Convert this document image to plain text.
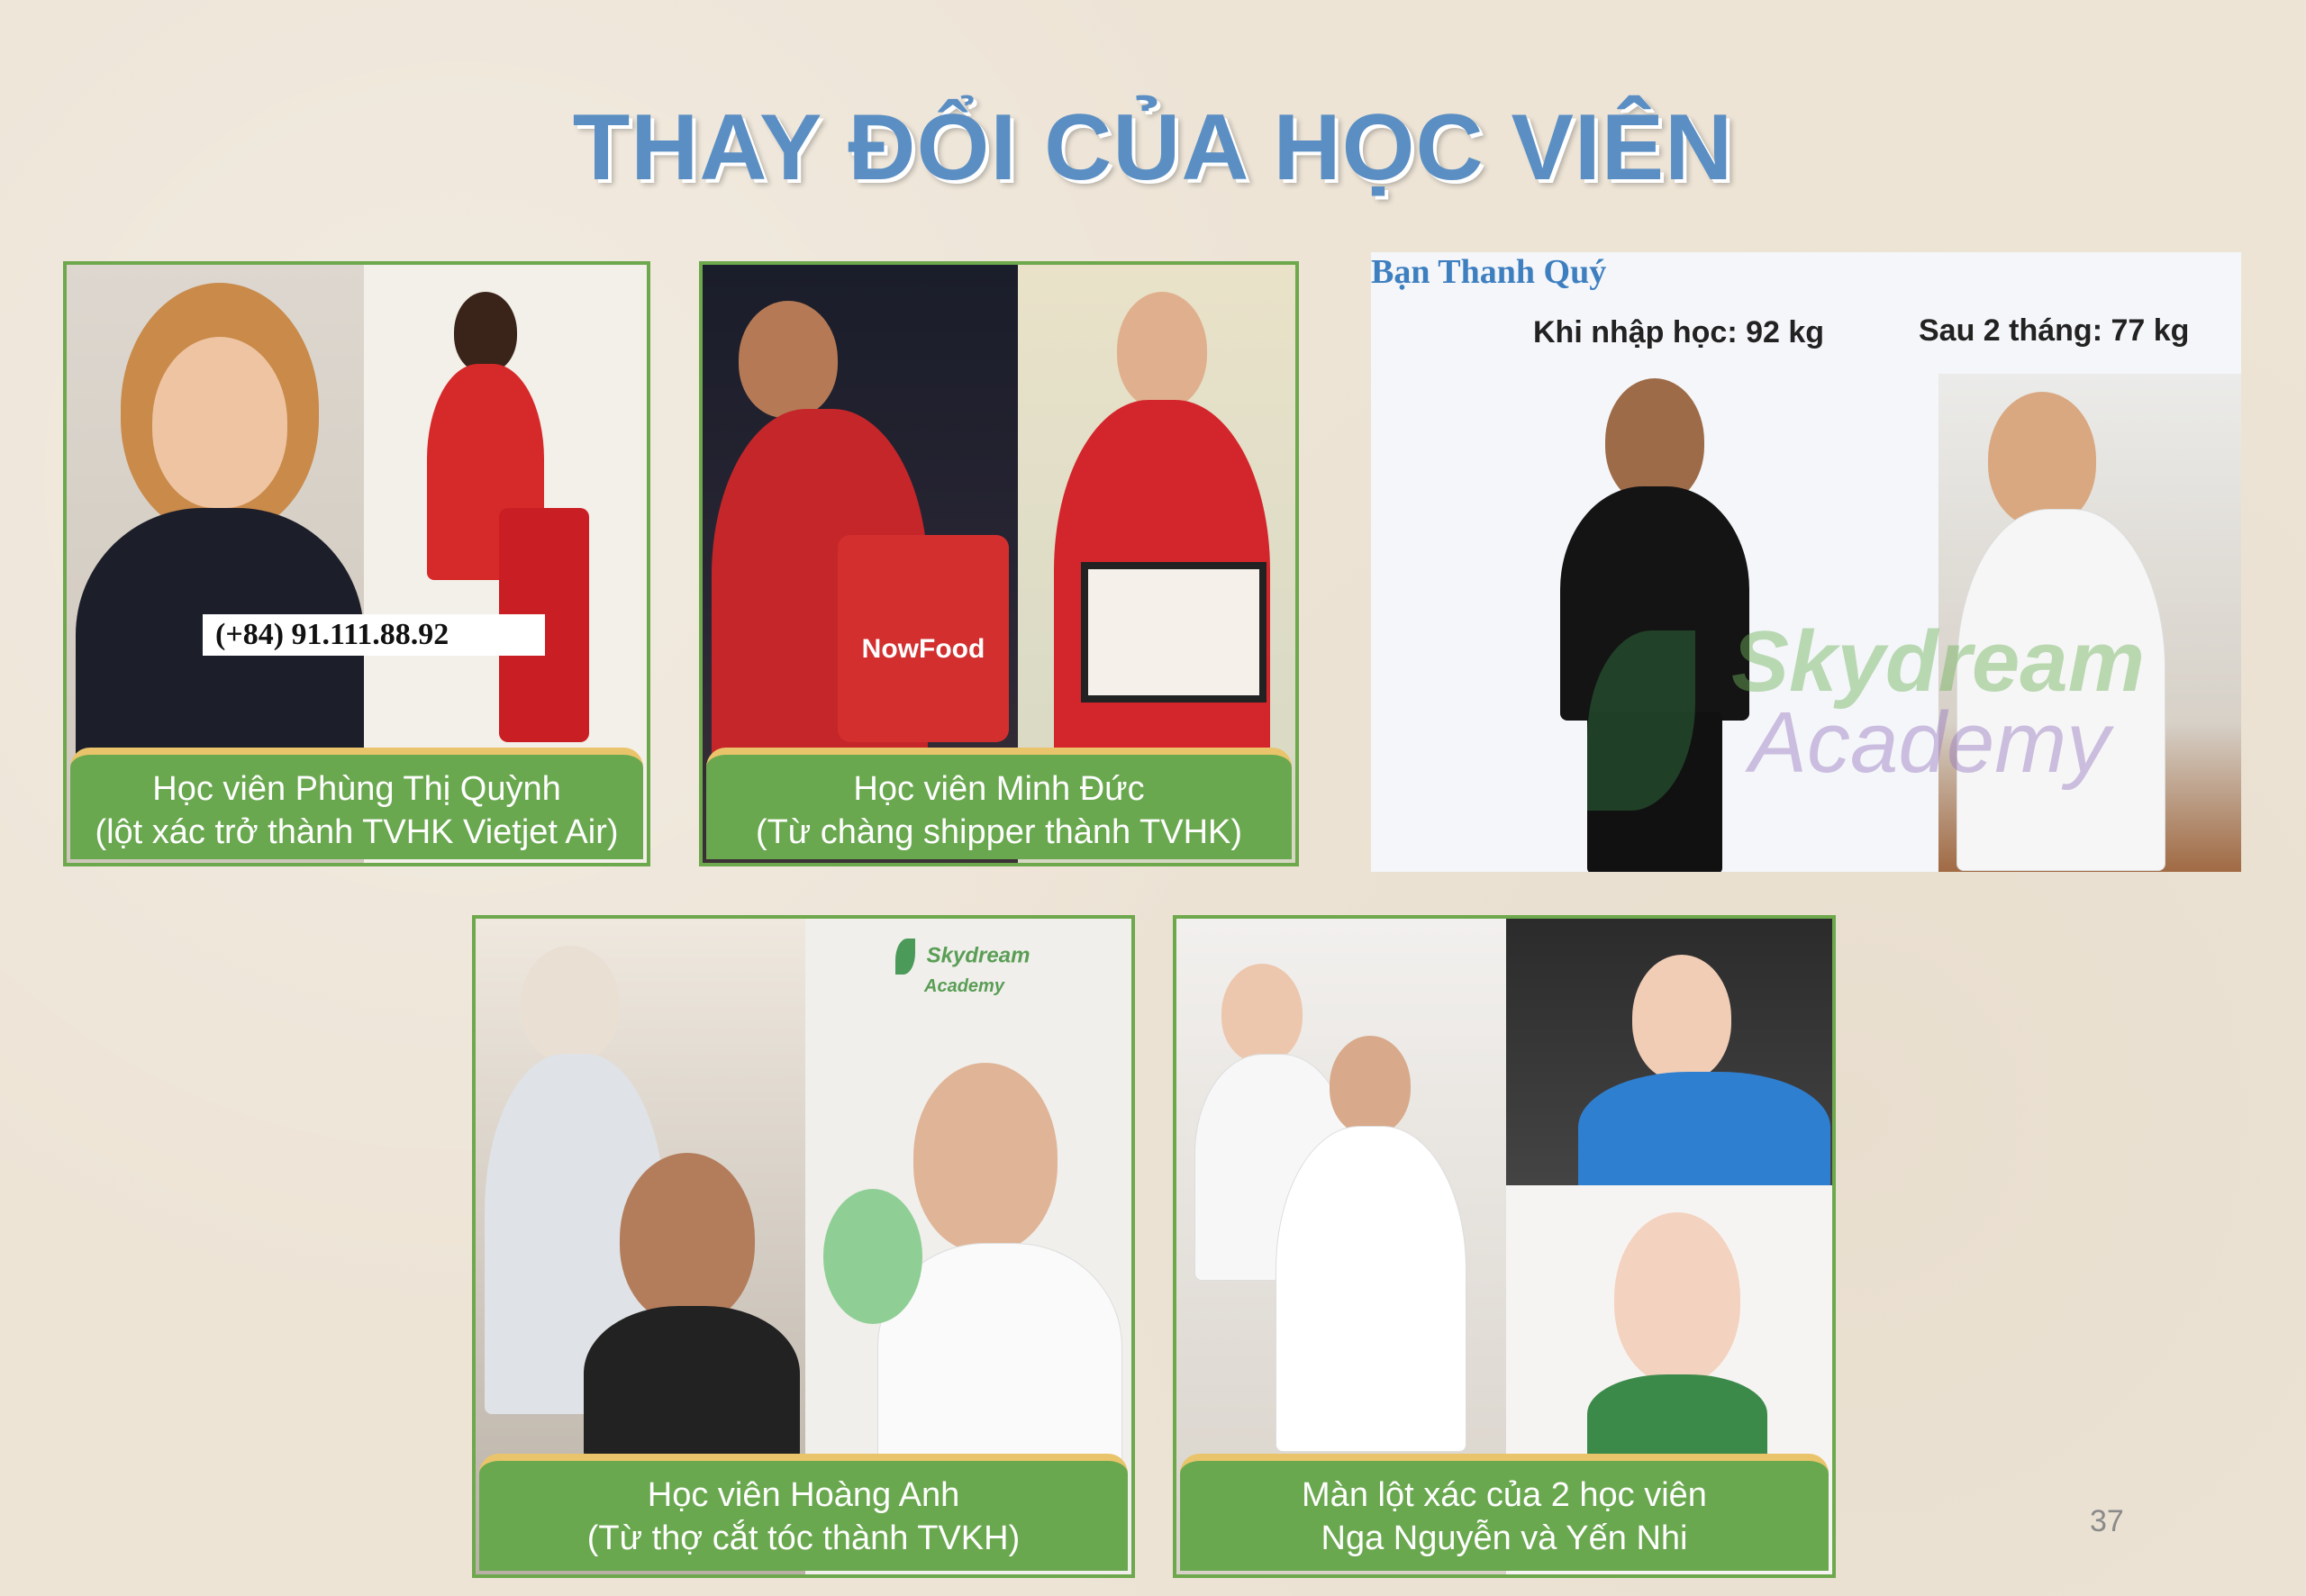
THAY ĐỔI CỦA HỌC VIÊN
Học viên Phùng Thị Quỳnh
(lột xác trở thành TVHK Vietjet Air)
(+84) 91.111.88.92	NowFood
Học viên Minh Đức
(Từ chàng shipper thành TVHK)
Bạn Thanh Quý
Khi nhập học: 92 kg	Sau 2 tháng: 77 kg
Skydream
Academy
Skydream
Academy
Học viên Hoàng Anh
(Từ thợ cắt tóc thành TVKH)
Màn lột xác của 2 học viên
Nga Nguyễn và Yến Nhi	37
